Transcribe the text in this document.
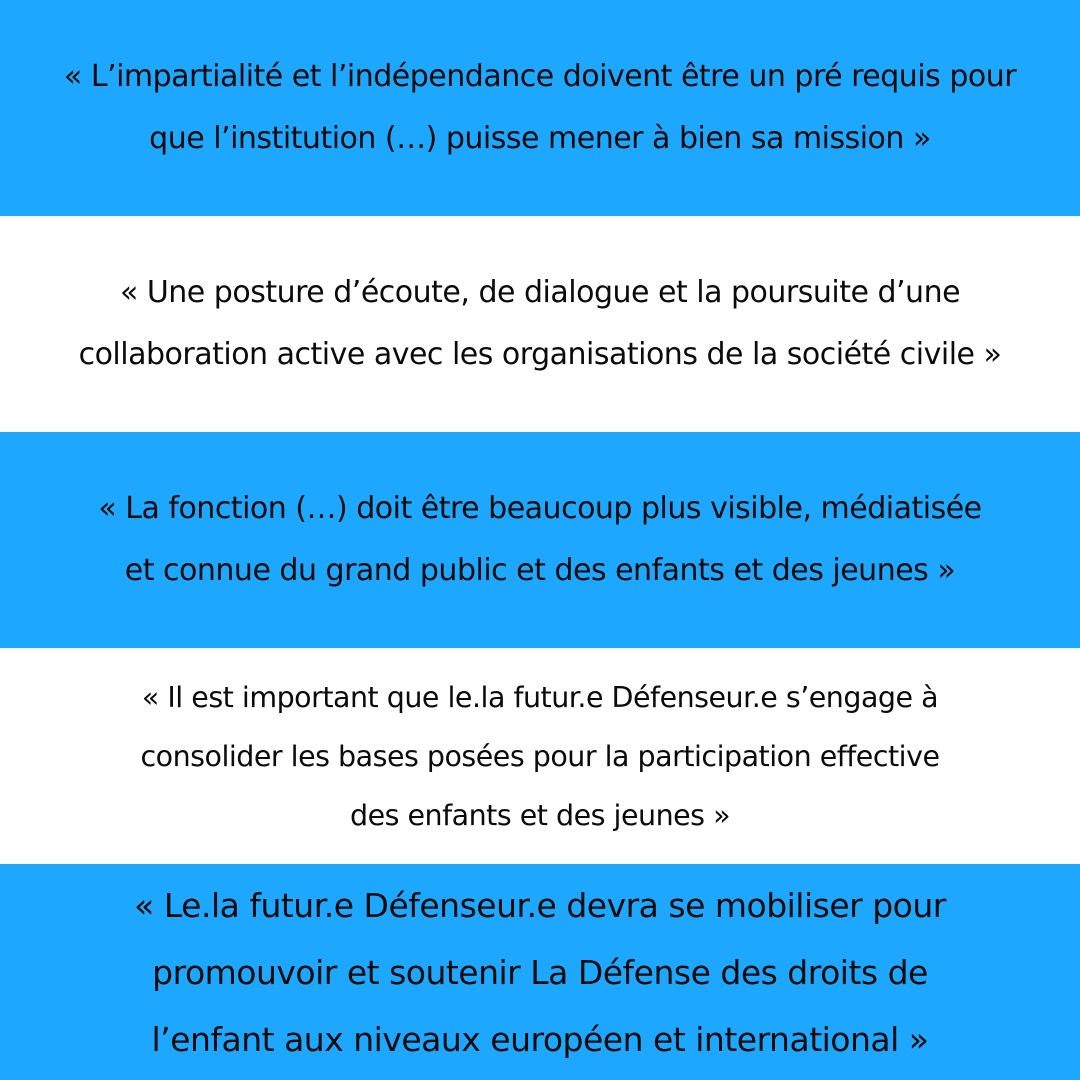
« L’impartialité et l’indépendance doivent être un pré requis pour
que l’institution (…) puisse mener à bien sa mission »

« Une posture d’écoute, de dialogue et la poursuite d’une
collaboration active avec les organisations de la société civile »

« La fonction (…) doit être beaucoup plus visible, médiatisée
et connue du grand public et des enfants et des jeunes »

« Il est important que le.la futur.e Défenseur.e s’engage à
consolider les bases posées pour la participation effective
des enfants et des jeunes »

« Le.la futur.e Défenseur.e devra se mobiliser pour
promouvoir et soutenir La Défense des droits de
l’enfant aux niveaux européen et international »
